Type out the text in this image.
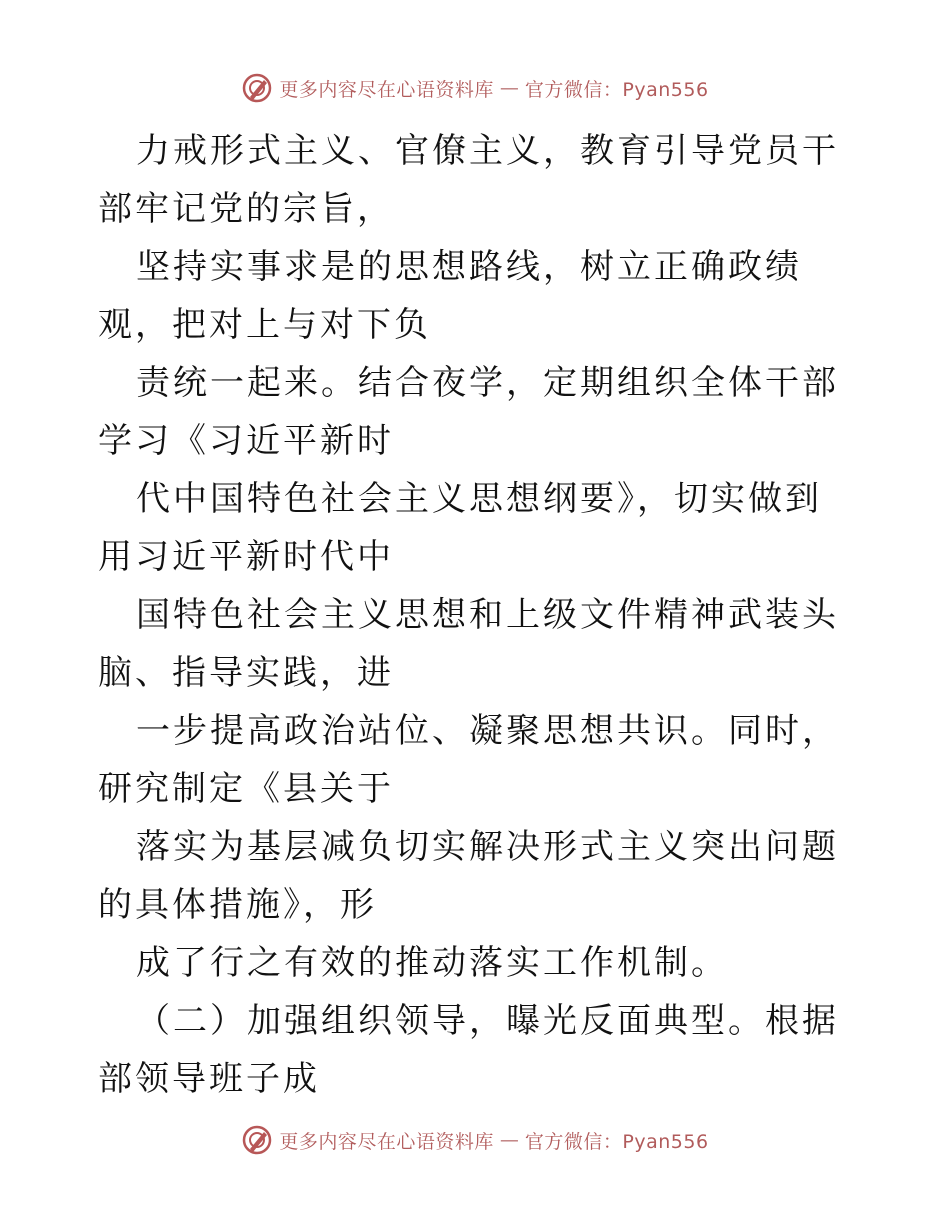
更多内容尽在心语资料库 — 官方微信：Pyan556

力戒形式主义、官僚主义，教育引导党员干部牢记党的宗旨，

坚持实事求是的思想路线，树立正确政绩观，把对上与对下负

责统一起来。结合夜学，定期组织全体干部学习《习近平新时

代中国特色社会主义思想纲要》，切实做到用习近平新时代中

国特色社会主义思想和上级文件精神武装头脑、指导实践，进

一步提高政治站位、凝聚思想共识。同时，研究制定《县关于

落实为基层减负切实解决形式主义突出问题的具体措施》，形

成了行之有效的推动落实工作机制。

（二）加强组织领导，曝光反面典型。根据部领导班子成

更多内容尽在心语资料库 — 官方微信：Pyan556
